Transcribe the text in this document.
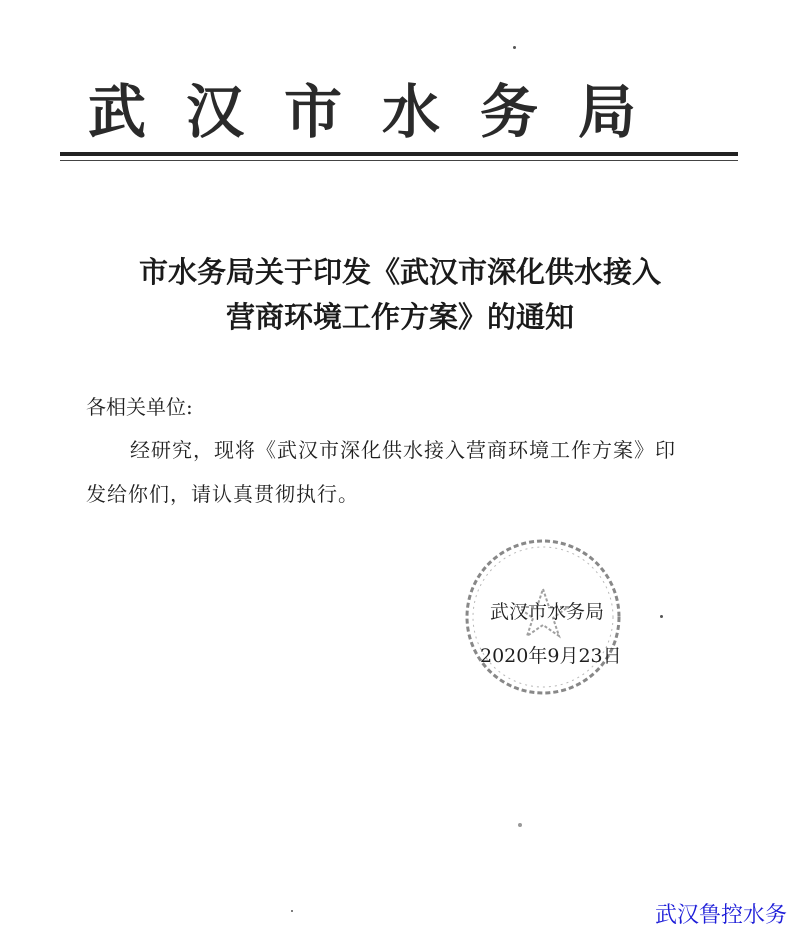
武汉市水务局
市水务局关于印发《武汉市深化供水接入
营商环境工作方案》的通知
各相关单位:
经研究，现将《武汉市深化供水接入营商环境工作方案》印
发给你们，请认真贯彻执行。
武汉市水务局
2020年9月23日
武汉鲁控水务
